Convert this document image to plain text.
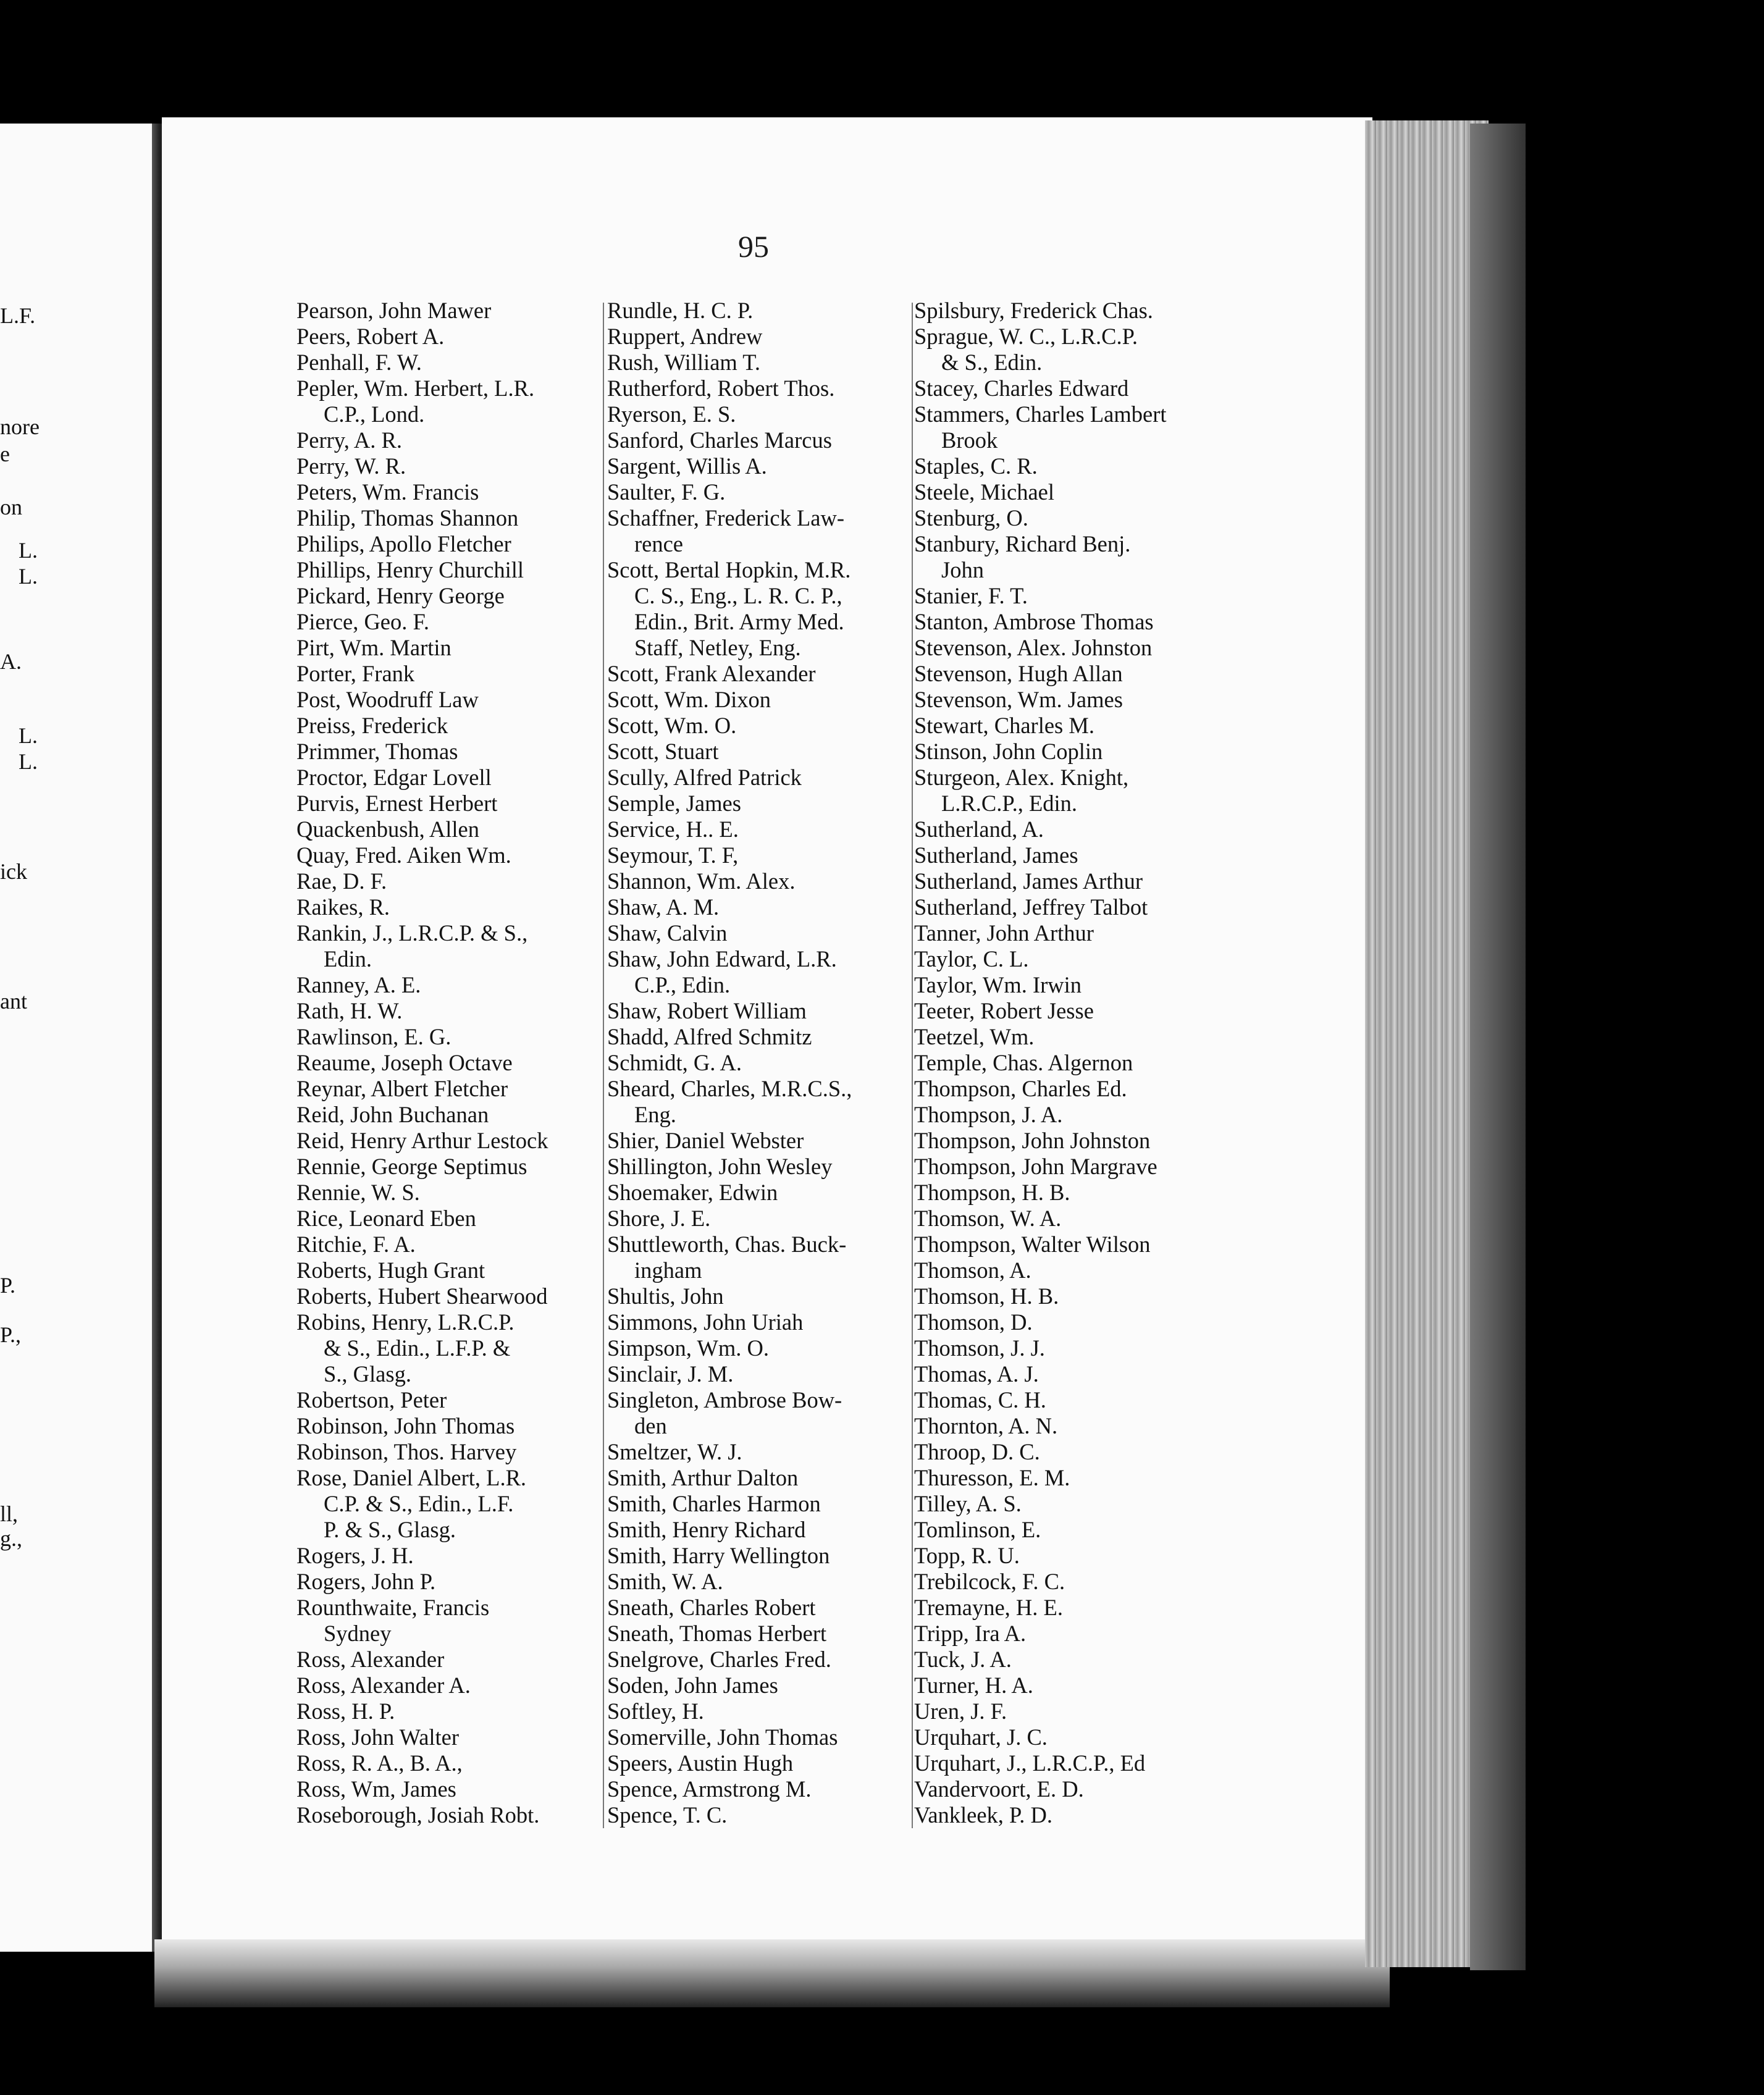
L.F.
nore
e
on
L.
L.
A.
L.
L.
ick
ant
P.
P.,
ll,
g.,
95
Pearson, John Mawer
Peers, Robert A.
Penhall, F. W.
Pepler, Wm. Herbert, L.R.
C.P., Lond.
Perry, A. R.
Perry, W. R.
Peters, Wm. Francis
Philip, Thomas Shannon
Philips, Apollo Fletcher
Phillips, Henry Churchill
Pickard, Henry George
Pierce, Geo. F.
Pirt, Wm. Martin
Porter, Frank
Post, Woodruff Law
Preiss, Frederick
Primmer, Thomas
Proctor, Edgar Lovell
Purvis, Ernest Herbert
Quackenbush, Allen
Quay, Fred. Aiken Wm.
Rae, D. F.
Raikes, R.
Rankin, J., L.R.C.P. & S.,
Edin.
Ranney, A. E.
Rath, H. W.
Rawlinson, E. G.
Reaume, Joseph Octave
Reynar, Albert Fletcher
Reid, John Buchanan
Reid, Henry Arthur Lestock
Rennie, George Septimus
Rennie, W. S.
Rice, Leonard Eben
Ritchie, F. A.
Roberts, Hugh Grant
Roberts, Hubert Shearwood
Robins, Henry, L.R.C.P.
& S., Edin., L.F.P. &
S., Glasg.
Robertson, Peter
Robinson, John Thomas
Robinson, Thos. Harvey
Rose, Daniel Albert, L.R.
C.P. & S., Edin., L.F.
P. & S., Glasg.
Rogers, J. H.
Rogers, John P.
Rounthwaite, Francis
Sydney
Ross, Alexander
Ross, Alexander A.
Ross, H. P.
Ross, John Walter
Ross, R. A., B. A.,
Ross, Wm, James
Roseborough, Josiah Robt.
Rundle, H. C. P.
Ruppert, Andrew
Rush, William T.
Rutherford, Robert Thos.
Ryerson, E. S.
Sanford, Charles Marcus
Sargent, Willis A.
Saulter, F. G.
Schaffner, Frederick Law-
rence
Scott, Bertal Hopkin, M.R.
C. S., Eng., L. R. C. P.,
Edin., Brit. Army Med.
Staff, Netley, Eng.
Scott, Frank Alexander
Scott, Wm. Dixon
Scott, Wm. O.
Scott, Stuart
Scully, Alfred Patrick
Semple, James
Service, H.. E.
Seymour, T. F,
Shannon, Wm. Alex.
Shaw, A. M.
Shaw, Calvin
Shaw, John Edward, L.R.
C.P., Edin.
Shaw, Robert William
Shadd, Alfred Schmitz
Schmidt, G. A.
Sheard, Charles, M.R.C.S.,
Eng.
Shier, Daniel Webster
Shillington, John Wesley
Shoemaker, Edwin
Shore, J. E.
Shuttleworth, Chas. Buck-
ingham
Shultis, John
Simmons, John Uriah
Simpson, Wm. O.
Sinclair, J. M.
Singleton, Ambrose Bow-
den
Smeltzer, W. J.
Smith, Arthur Dalton
Smith, Charles Harmon
Smith, Henry Richard
Smith, Harry Wellington
Smith, W. A.
Sneath, Charles Robert
Sneath, Thomas Herbert
Snelgrove, Charles Fred.
Soden, John James
Softley, H.
Somerville, John Thomas
Speers, Austin Hugh
Spence, Armstrong M.
Spence, T. C.
Spilsbury, Frederick Chas.
Sprague, W. C., L.R.C.P.
& S., Edin.
Stacey, Charles Edward
Stammers, Charles Lambert
Brook
Staples, C. R.
Steele, Michael
Stenburg, O.
Stanbury, Richard Benj.
John
Stanier, F. T.
Stanton, Ambrose Thomas
Stevenson, Alex. Johnston
Stevenson, Hugh Allan
Stevenson, Wm. James
Stewart, Charles M.
Stinson, John Coplin
Sturgeon, Alex. Knight,
L.R.C.P., Edin.
Sutherland, A.
Sutherland, James
Sutherland, James Arthur
Sutherland, Jeffrey Talbot
Tanner, John Arthur
Taylor, C. L.
Taylor, Wm. Irwin
Teeter, Robert Jesse
Teetzel, Wm.
Temple, Chas. Algernon
Thompson, Charles Ed.
Thompson, J. A.
Thompson, John Johnston
Thompson, John Margrave
Thompson, H. B.
Thomson, W. A.
Thompson, Walter Wilson
Thomson, A.
Thomson, H. B.
Thomson, D.
Thomson, J. J.
Thomas, A. J.
Thomas, C. H.
Thornton, A. N.
Throop, D. C.
Thuresson, E. M.
Tilley, A. S.
Tomlinson, E.
Topp, R. U.
Trebilcock, F. C.
Tremayne, H. E.
Tripp, Ira A.
Tuck, J. A.
Turner, H. A.
Uren, J. F.
Urquhart, J. C.
Urquhart, J., L.R.C.P., Ed
Vandervoort, E. D.
Vankleek, P. D.
